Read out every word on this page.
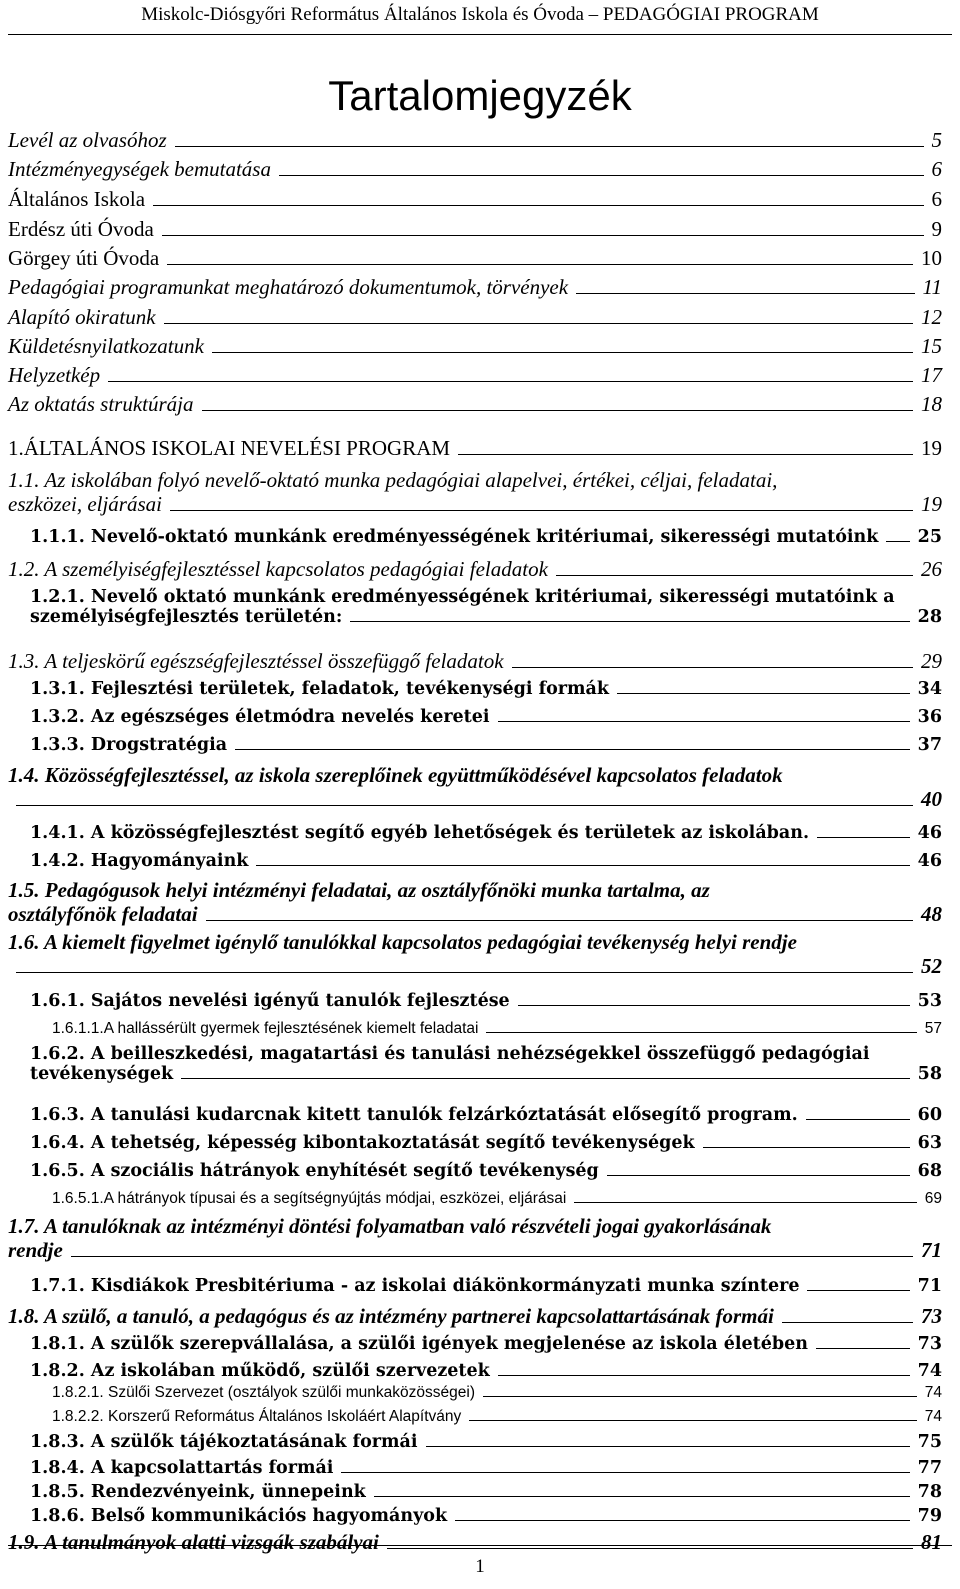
Miskolc-Diósgyőri Református Általános Iskola és Óvoda – PEDAGÓGIAI PROGRAM
Tartalomjegyzék
Levél az olvasóhoz	5
Intézményegységek bemutatása	6
Általános Iskola	6
Erdész úti Óvoda	9
Görgey úti Óvoda	10
Pedagógiai programunkat meghatározó dokumentumok, törvények	11
Alapító okiratunk	12
Küldetésnyilatkozatunk	15
Helyzetkép	17
Az oktatás struktúrája	18
1.ÁLTALÁNOS ISKOLAI NEVELÉSI PROGRAM	19
1.1. Az iskolában folyó nevelő-oktató munka pedagógiai alapelvei, értékei, céljai, feladatai,
eszközei, eljárásai	19
1.1.1. Nevelő-oktató munkánk eredményességének kritériumai, sikerességi mutatóink 25
1.2. A személyiségfejlesztéssel kapcsolatos pedagógiai feladatok	26
1.2.1. Nevelő oktató munkánk eredményességének kritériumai, sikerességi mutatóink a
személyiségfejlesztés területén:	28
1.3. A teljeskörű egészségfejlesztéssel összefüggő feladatok	29
1.3.1. Fejlesztési területek, feladatok, tevékenységi formák	34
1.3.2. Az egészséges életmódra nevelés keretei	36
1.3.3. Drogstratégia	37
1.4. Közösségfejlesztéssel, az iskola szereplőinek együttműködésével kapcsolatos feladatok
40
1.4.1. A közösségfejlesztést segítő egyéb lehetőségek és területek az iskolában.	46
1.4.2. Hagyományaink	46
1.5. Pedagógusok helyi intézményi feladatai, az osztályfőnöki munka tartalma, az
osztályfőnök feladatai	48
1.6. A kiemelt figyelmet igénylő tanulókkal kapcsolatos pedagógiai tevékenység helyi rendje
52
1.6.1. Sajátos nevelési igényű tanulók fejlesztése	53
1.6.1.1.A hallássérült gyermek fejlesztésének kiemelt feladatai	57
1.6.2. A beilleszkedési, magatartási és tanulási nehézségekkel összefüggő pedagógiai
tevékenységek	58
1.6.3. A tanulási kudarcnak kitett tanulók felzárkóztatását elősegítő program.	60
1.6.4. A tehetség, képesség kibontakoztatását segítő tevékenységek	63
1.6.5. A szociális hátrányok enyhítését segítő tevékenység	68
1.6.5.1.A hátrányok típusai és a segítségnyújtás módjai, eszközei, eljárásai	69
1.7. A tanulóknak az intézményi döntési folyamatban való részvételi jogai gyakorlásának
rendje	71
1.7.1. Kisdiákok Presbitériuma - az iskolai diákönkormányzati munka színtere	71
1.8. A szülő, a tanuló, a pedagógus és az intézmény partnerei kapcsolattartásának formái	73
1.8.1. A szülők szerepvállalása, a szülői igények megjelenése az iskola életében	73
1.8.2. Az iskolában működő, szülői szervezetek	74
1.8.2.1. Szülői Szervezet (osztályok szülői munkaközösségei)	74
1.8.2.2. Korszerű Református Általános Iskoláért Alapítvány	74
1.8.3. A szülők tájékoztatásának formái	75
1.8.4. A kapcsolattartás formái	77
1.8.5. Rendezvényeink, ünnepeink	78
1.8.6. Belső kommunikációs hagyományok	79
1.9. A tanulmányok alatti vizsgák szabályai	81
1
